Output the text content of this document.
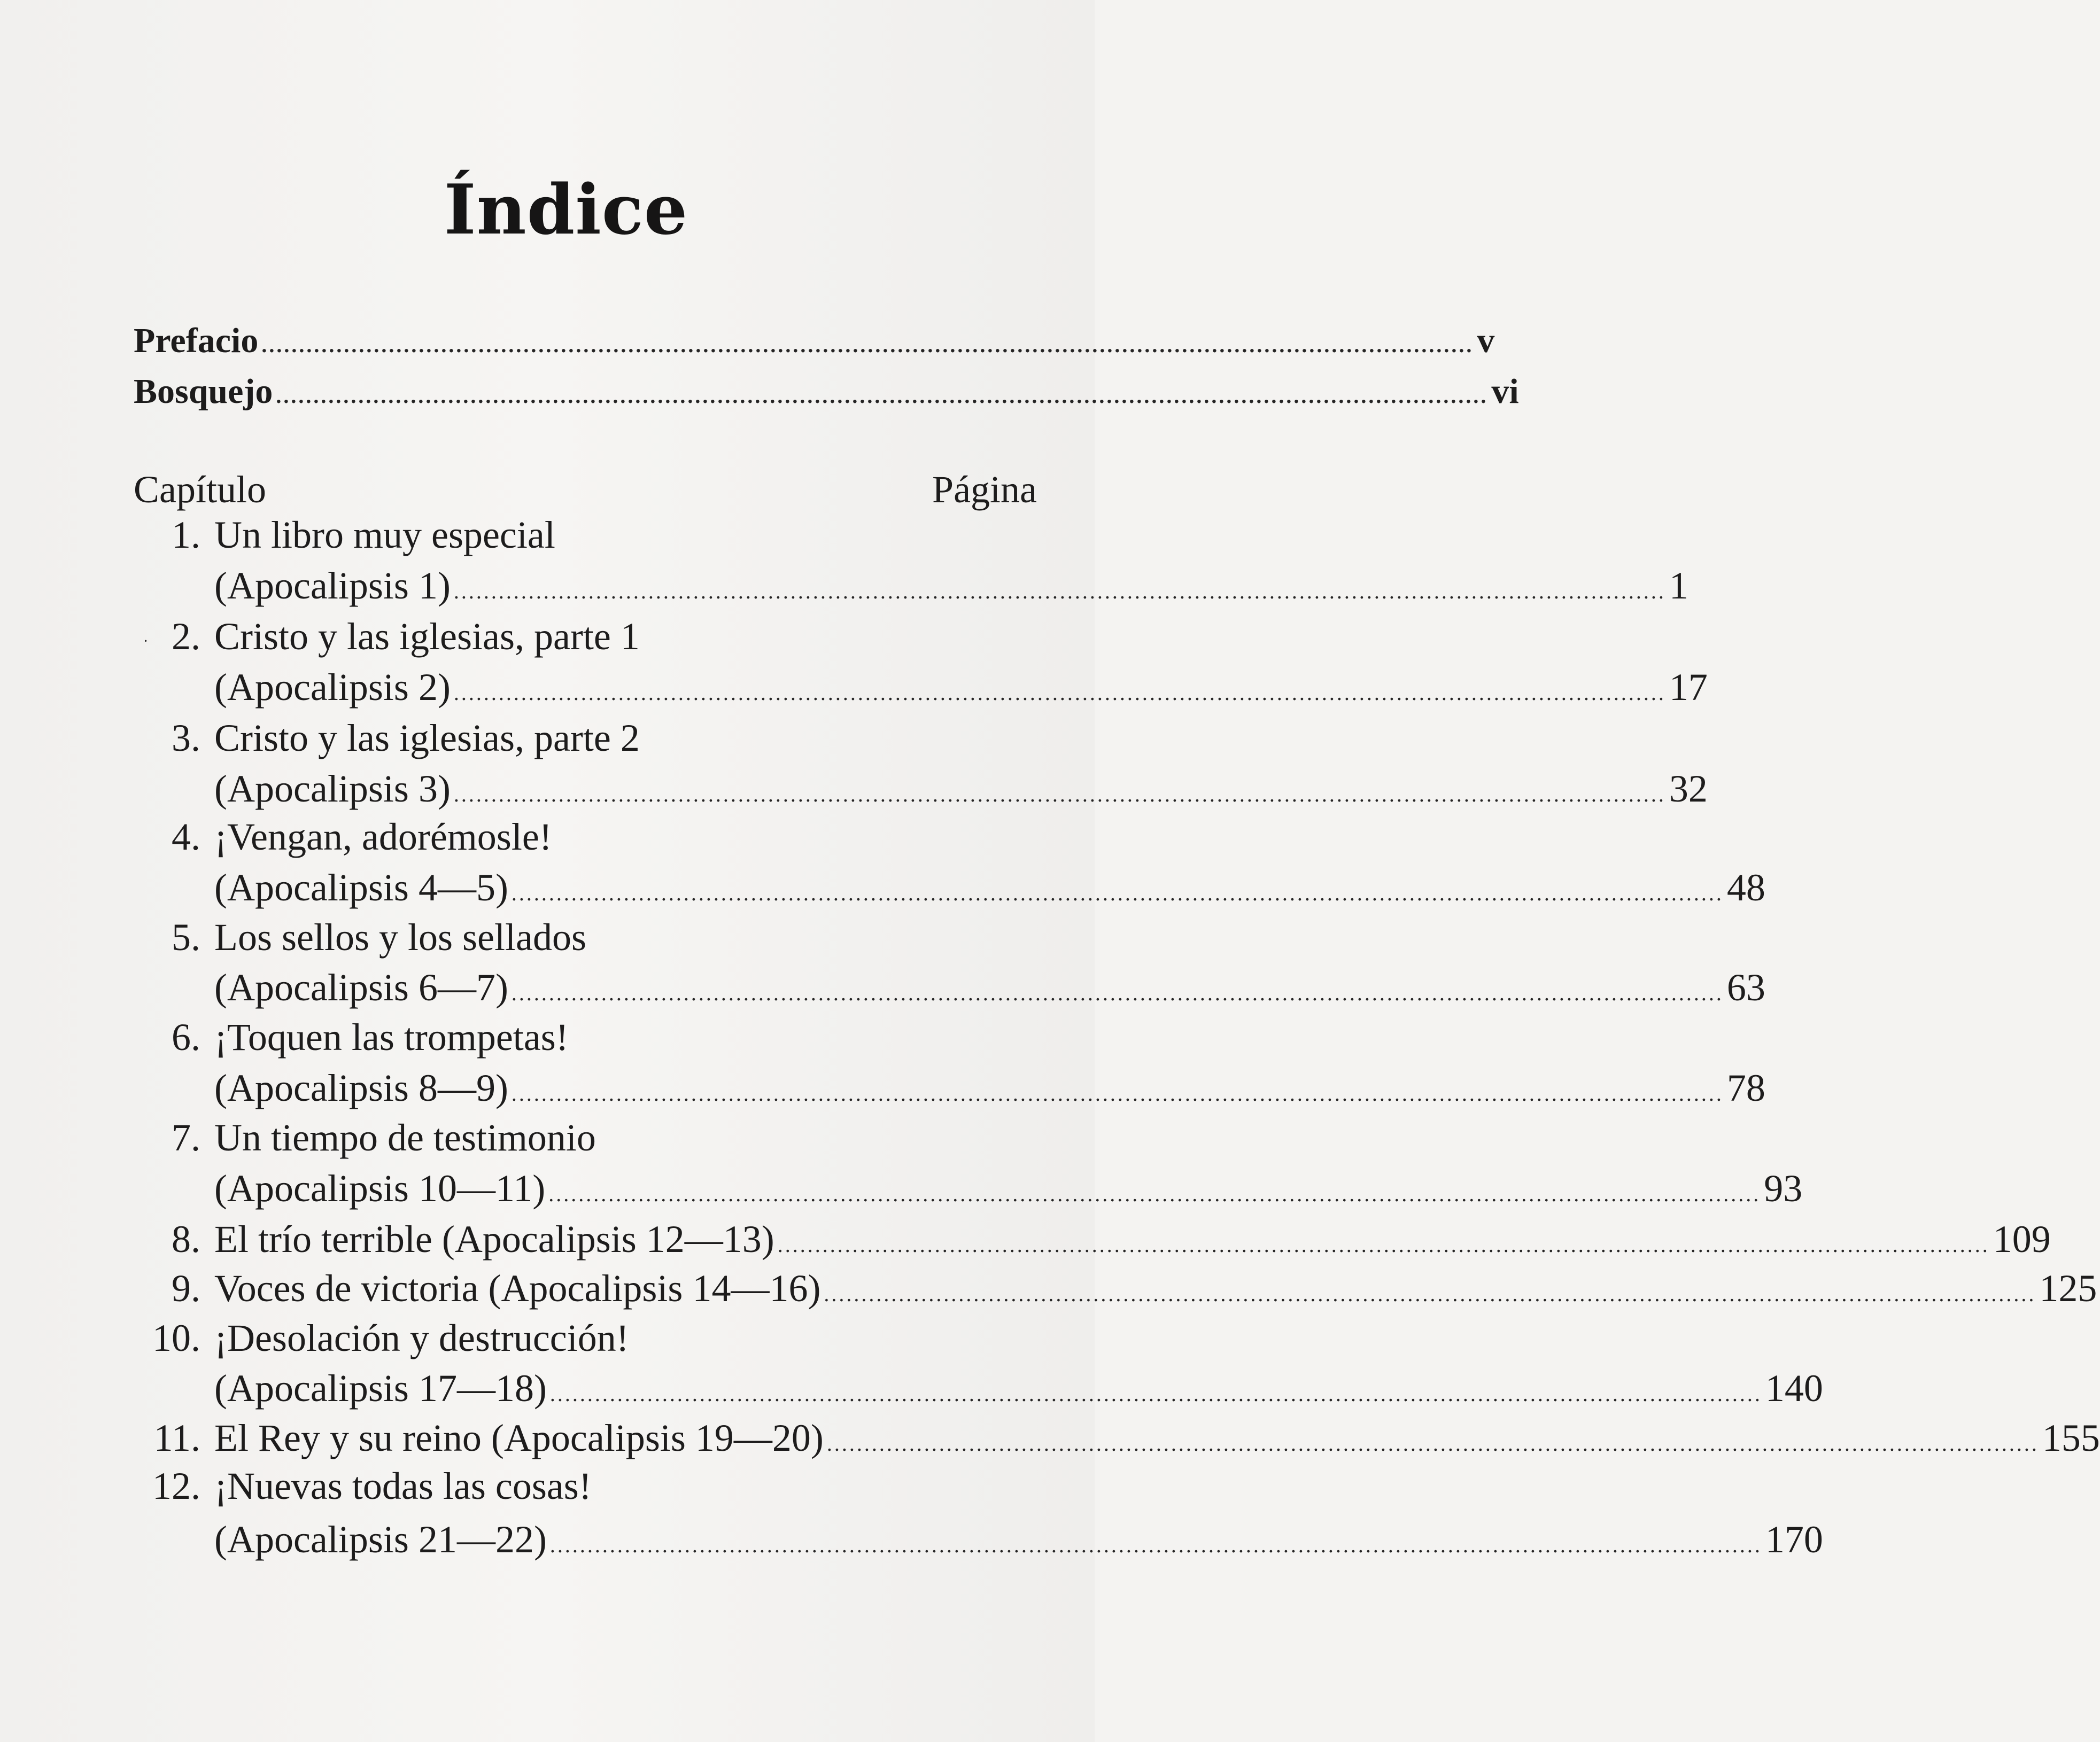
Índice
Prefacio .................................................................................................................................................................. v
Bosquejo .................................................................................................................................................................. vi
Capítulo	Página
·
1. Un libro muy especial
(Apocalipsis 1) .................................................................................................................................................................. 1
2. Cristo y las iglesias, parte 1
(Apocalipsis 2) .................................................................................................................................................................. 17
3. Cristo y las iglesias, parte 2
(Apocalipsis 3) .................................................................................................................................................................. 32
4. ¡Vengan, adorémosle!
(Apocalipsis 4—5) .................................................................................................................................................................. 48
5. Los sellos y los sellados
(Apocalipsis 6—7) .................................................................................................................................................................. 63
6. ¡Toquen las trompetas!
(Apocalipsis 8—9) .................................................................................................................................................................. 78
7. Un tiempo de testimonio
(Apocalipsis 10—11) .................................................................................................................................................................. 93
8. El trío terrible (Apocalipsis 12—13) .................................................................................................................................................................. 109
9. Voces de victoria (Apocalipsis 14—16) .................................................................................................................................................................. 125
10. ¡Desolación y destrucción!
(Apocalipsis 17—18) .................................................................................................................................................................. 140
11. El Rey y su reino (Apocalipsis 19—20) .................................................................................................................................................................. 155
12. ¡Nuevas todas las cosas!
(Apocalipsis 21—22) .................................................................................................................................................................. 170
